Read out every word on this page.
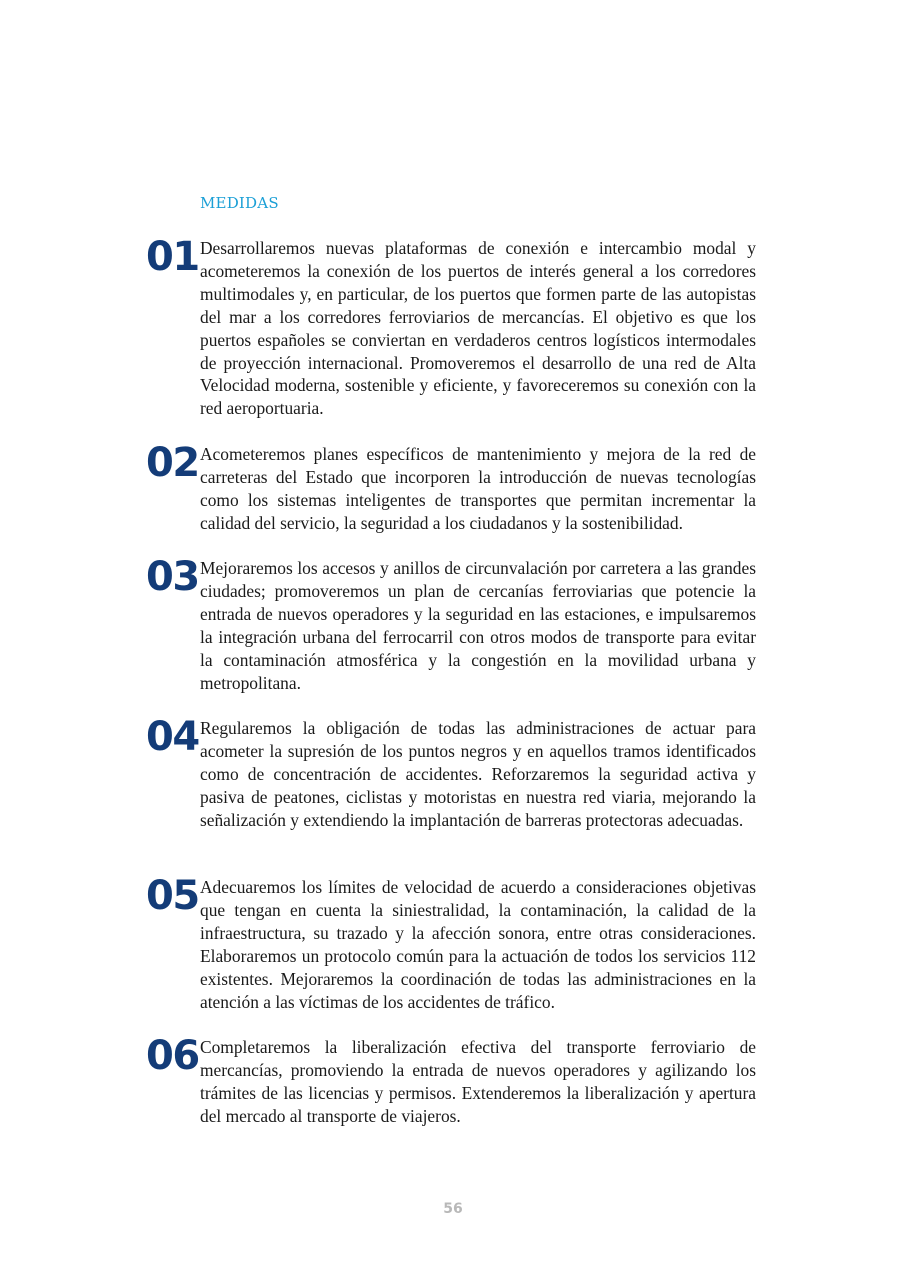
MEDIDAS
01 Desarrollaremos nuevas plataformas de conexión e intercambio modal y acometeremos la conexión de los puertos de interés general a los corredores multimodales y, en particular, de los puertos que formen parte de las autopistas del mar a los corredores ferroviarios de mercancías. El objetivo es que los puertos españoles se conviertan en verdaderos centros logísticos intermodales de proyección internacional. Promoveremos el desarrollo de una red de Alta Velocidad moderna, sostenible y eficiente, y favoreceremos su conexión con la red aeroportuaria.
02 Acometeremos planes específicos de mantenimiento y mejora de la red de carreteras del Estado que incorporen la introducción de nuevas tecnologías como los sistemas inteligentes de transportes que permitan incrementar la calidad del servicio, la seguridad a los ciudadanos y la sostenibilidad.
03 Mejoraremos los accesos y anillos de circunvalación por carretera a las grandes ciudades; promoveremos un plan de cercanías ferroviarias que potencie la entrada de nuevos operadores y la seguridad en las estaciones, e impulsaremos la integración urbana del ferrocarril con otros modos de transporte para evitar la contaminación atmosférica y la congestión en la movilidad urbana y metropolitana.
04 Regularemos la obligación de todas las administraciones de actuar para acometer la supresión de los puntos negros y en aquellos tramos identificados como de concentración de accidentes. Reforzaremos la seguridad activa y pasiva de peatones, ciclistas y motoristas en nuestra red viaria, mejorando la señalización y extendiendo la implantación de barreras protectoras adecuadas.
05 Adecuaremos los límites de velocidad de acuerdo a consideraciones objetivas que tengan en cuenta la siniestralidad, la contaminación, la calidad de la infraestructura, su trazado y la afección sonora, entre otras consideraciones. Elaboraremos un protocolo común para la actuación de todos los servicios 112 existentes. Mejoraremos la coordinación de todas las administraciones en la atención a las víctimas de los accidentes de tráfico.
06 Completaremos la liberalización efectiva del transporte ferroviario de mercancías, promoviendo la entrada de nuevos operadores y agilizando los trámites de las licencias y permisos. Extenderemos la liberalización y apertura del mercado al transporte de viajeros.
56
